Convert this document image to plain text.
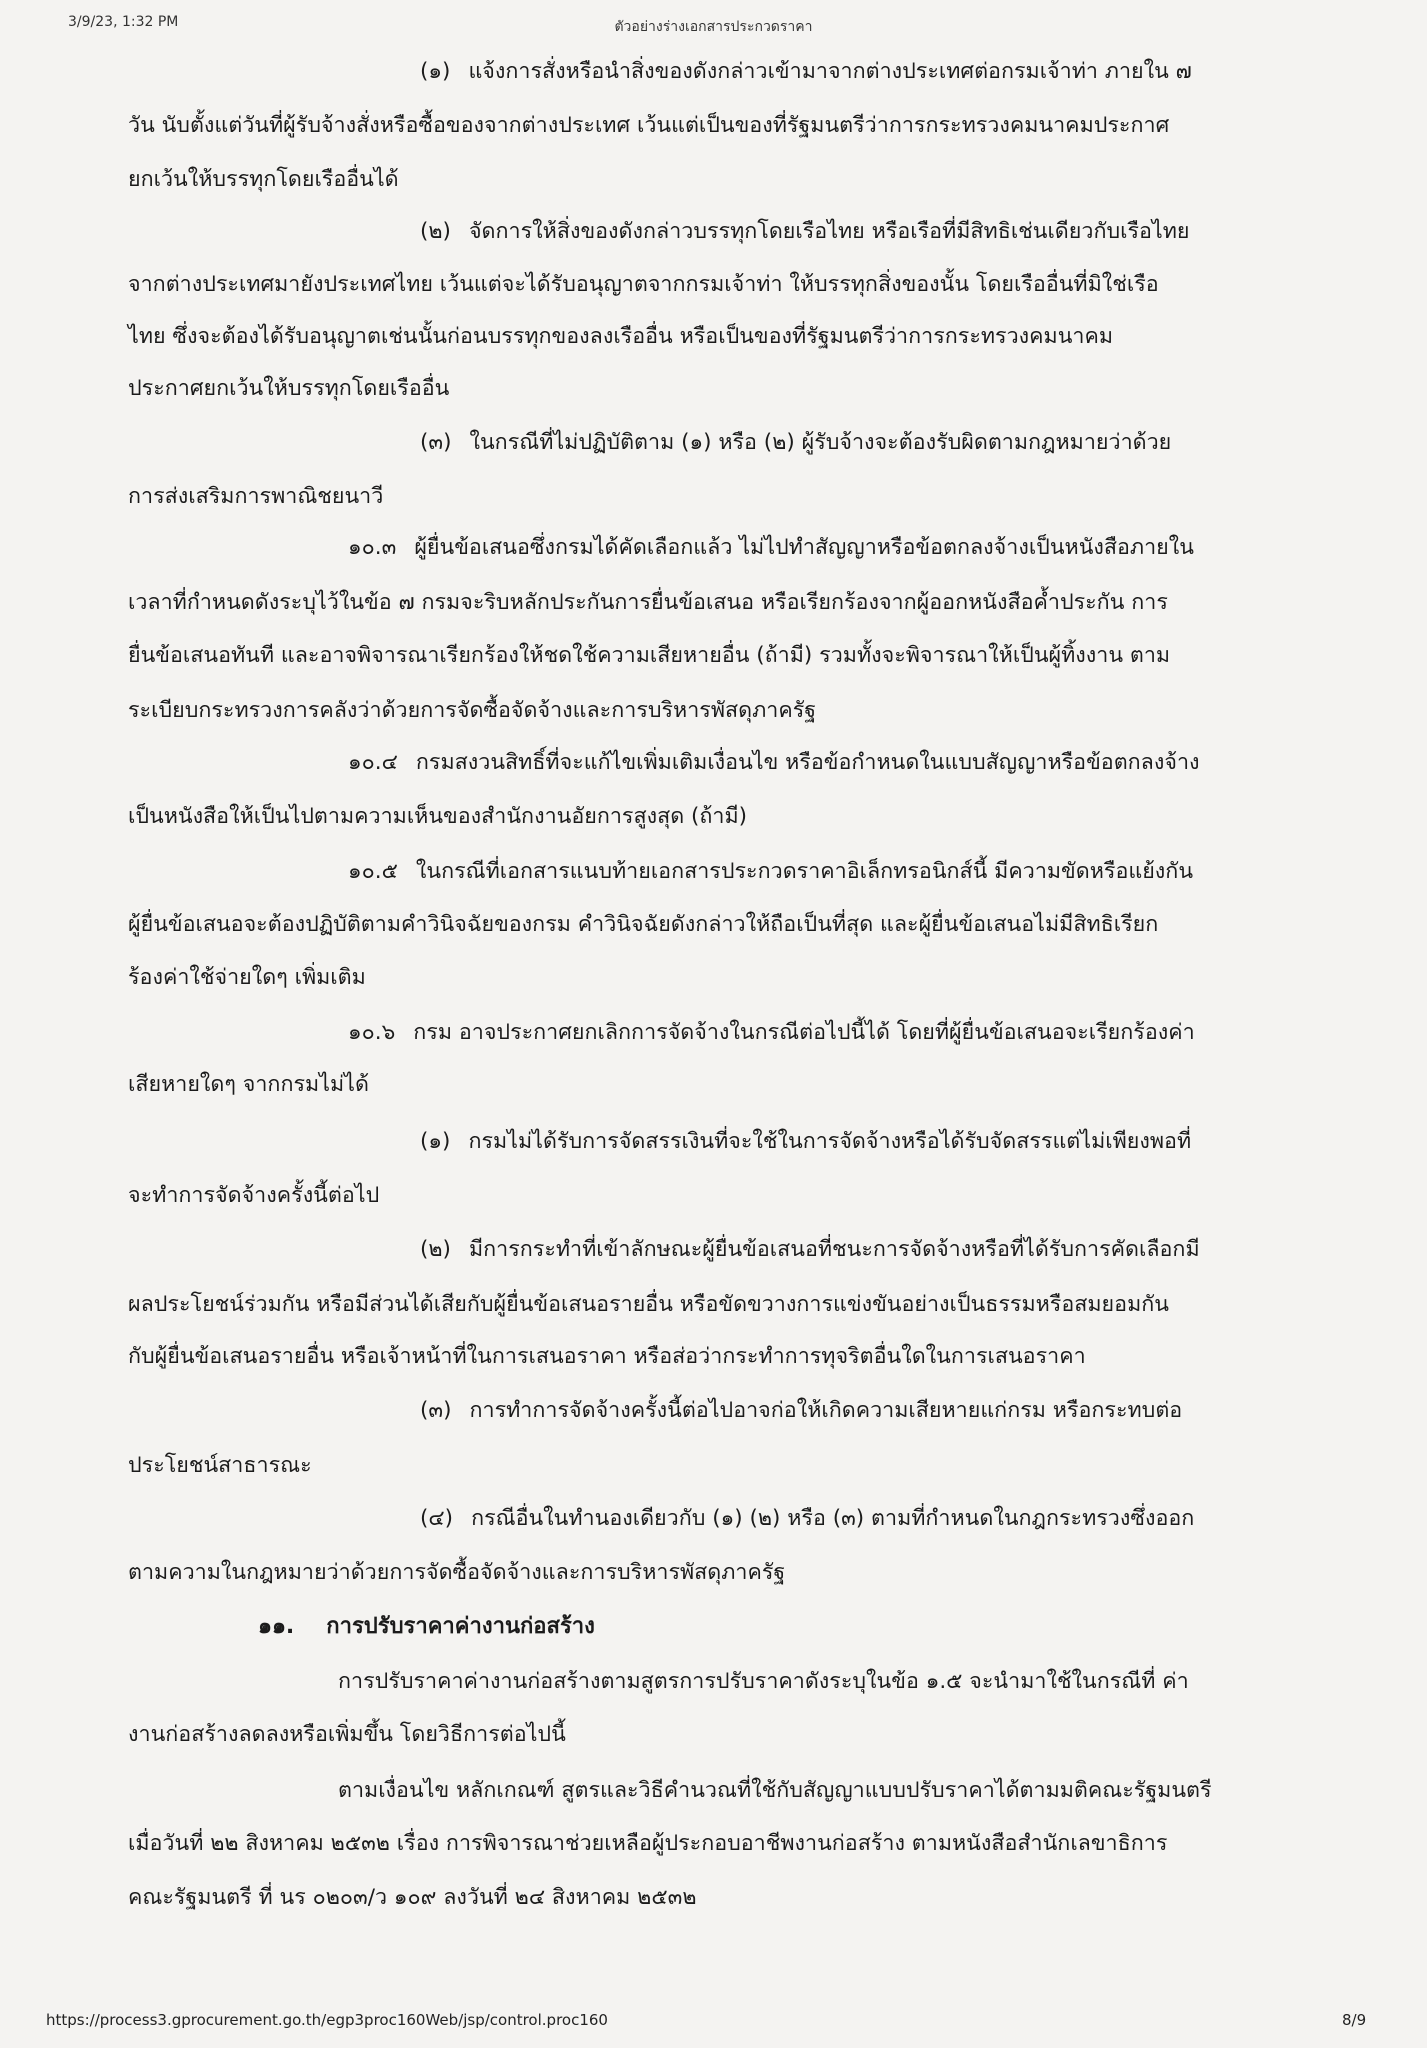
3/9/23, 1:32 PM	ตัวอย่างร่างเอกสารประกวดราคา
(๑) แจ้งการสั่งหรือนำสิ่งของดังกล่าวเข้ามาจากต่างประเทศต่อกรมเจ้าท่า ภายใน ๗
วัน นับตั้งแต่วันที่ผู้รับจ้างสั่งหรือซื้อของจากต่างประเทศ เว้นแต่เป็นของที่รัฐมนตรีว่าการกระทรวงคมนาคมประกาศ
ยกเว้นให้บรรทุกโดยเรืออื่นได้
(๒) จัดการให้สิ่งของดังกล่าวบรรทุกโดยเรือไทย หรือเรือที่มีสิทธิเช่นเดียวกับเรือไทย
จากต่างประเทศมายังประเทศไทย เว้นแต่จะได้รับอนุญาตจากกรมเจ้าท่า ให้บรรทุกสิ่งของนั้น โดยเรืออื่นที่มิใช่เรือ
ไทย ซึ่งจะต้องได้รับอนุญาตเช่นนั้นก่อนบรรทุกของลงเรืออื่น หรือเป็นของที่รัฐมนตรีว่าการกระทรวงคมนาคม
ประกาศยกเว้นให้บรรทุกโดยเรืออื่น
(๓) ในกรณีที่ไม่ปฏิบัติตาม (๑) หรือ (๒) ผู้รับจ้างจะต้องรับผิดตามกฎหมายว่าด้วย
การส่งเสริมการพาณิชยนาวี
๑๐.๓ ผู้ยื่นข้อเสนอซึ่งกรมได้คัดเลือกแล้ว ไม่ไปทำสัญญาหรือข้อตกลงจ้างเป็นหนังสือภายใน
เวลาที่กำหนดดังระบุไว้ในข้อ ๗ กรมจะริบหลักประกันการยื่นข้อเสนอ หรือเรียกร้องจากผู้ออกหนังสือค้ำประกัน การ
ยื่นข้อเสนอทันที และอาจพิจารณาเรียกร้องให้ชดใช้ความเสียหายอื่น (ถ้ามี) รวมทั้งจะพิจารณาให้เป็นผู้ทิ้งงาน ตาม
ระเบียบกระทรวงการคลังว่าด้วยการจัดซื้อจัดจ้างและการบริหารพัสดุภาครัฐ
๑๐.๔ กรมสงวนสิทธิ์ที่จะแก้ไขเพิ่มเติมเงื่อนไข หรือข้อกำหนดในแบบสัญญาหรือข้อตกลงจ้าง
เป็นหนังสือให้เป็นไปตามความเห็นของสำนักงานอัยการสูงสุด (ถ้ามี)
๑๐.๕ ในกรณีที่เอกสารแนบท้ายเอกสารประกวดราคาอิเล็กทรอนิกส์นี้ มีความขัดหรือแย้งกัน
ผู้ยื่นข้อเสนอจะต้องปฏิบัติตามคำวินิจฉัยของกรม คำวินิจฉัยดังกล่าวให้ถือเป็นที่สุด และผู้ยื่นข้อเสนอไม่มีสิทธิเรียก
ร้องค่าใช้จ่ายใดๆ เพิ่มเติม
๑๐.๖ กรม อาจประกาศยกเลิกการจัดจ้างในกรณีต่อไปนี้ได้ โดยที่ผู้ยื่นข้อเสนอจะเรียกร้องค่า
เสียหายใดๆ จากกรมไม่ได้
(๑) กรมไม่ได้รับการจัดสรรเงินที่จะใช้ในการจัดจ้างหรือได้รับจัดสรรแต่ไม่เพียงพอที่
จะทำการจัดจ้างครั้งนี้ต่อไป
(๒) มีการกระทำที่เข้าลักษณะผู้ยื่นข้อเสนอที่ชนะการจัดจ้างหรือที่ได้รับการคัดเลือกมี
ผลประโยชน์ร่วมกัน หรือมีส่วนได้เสียกับผู้ยื่นข้อเสนอรายอื่น หรือขัดขวางการแข่งขันอย่างเป็นธรรมหรือสมยอมกัน
กับผู้ยื่นข้อเสนอรายอื่น หรือเจ้าหน้าที่ในการเสนอราคา หรือส่อว่ากระทำการทุจริตอื่นใดในการเสนอราคา
(๓) การทำการจัดจ้างครั้งนี้ต่อไปอาจก่อให้เกิดความเสียหายแก่กรม หรือกระทบต่อ
ประโยชน์สาธารณะ
(๔) กรณีอื่นในทำนองเดียวกับ (๑) (๒) หรือ (๓) ตามที่กำหนดในกฎกระทรวงซึ่งออก
ตามความในกฎหมายว่าด้วยการจัดซื้อจัดจ้างและการบริหารพัสดุภาครัฐ
๑๑. การปรับราคาค่างานก่อสร้าง
การปรับราคาค่างานก่อสร้างตามสูตรการปรับราคาดังระบุในข้อ ๑.๕ จะนำมาใช้ในกรณีที่ ค่า
งานก่อสร้างลดลงหรือเพิ่มขึ้น โดยวิธีการต่อไปนี้
ตามเงื่อนไข หลักเกณฑ์ สูตรและวิธีคำนวณที่ใช้กับสัญญาแบบปรับราคาได้ตามมติคณะรัฐมนตรี
เมื่อวันที่ ๒๒ สิงหาคม ๒๕๓๒ เรื่อง การพิจารณาช่วยเหลือผู้ประกอบอาชีพงานก่อสร้าง ตามหนังสือสำนักเลขาธิการ
คณะรัฐมนตรี ที่ นร ๐๒๐๓/ว ๑๐๙ ลงวันที่ ๒๔ สิงหาคม ๒๕๓๒
https://process3.gprocurement.go.th/egp3proc160Web/jsp/control.proc160	8/9
